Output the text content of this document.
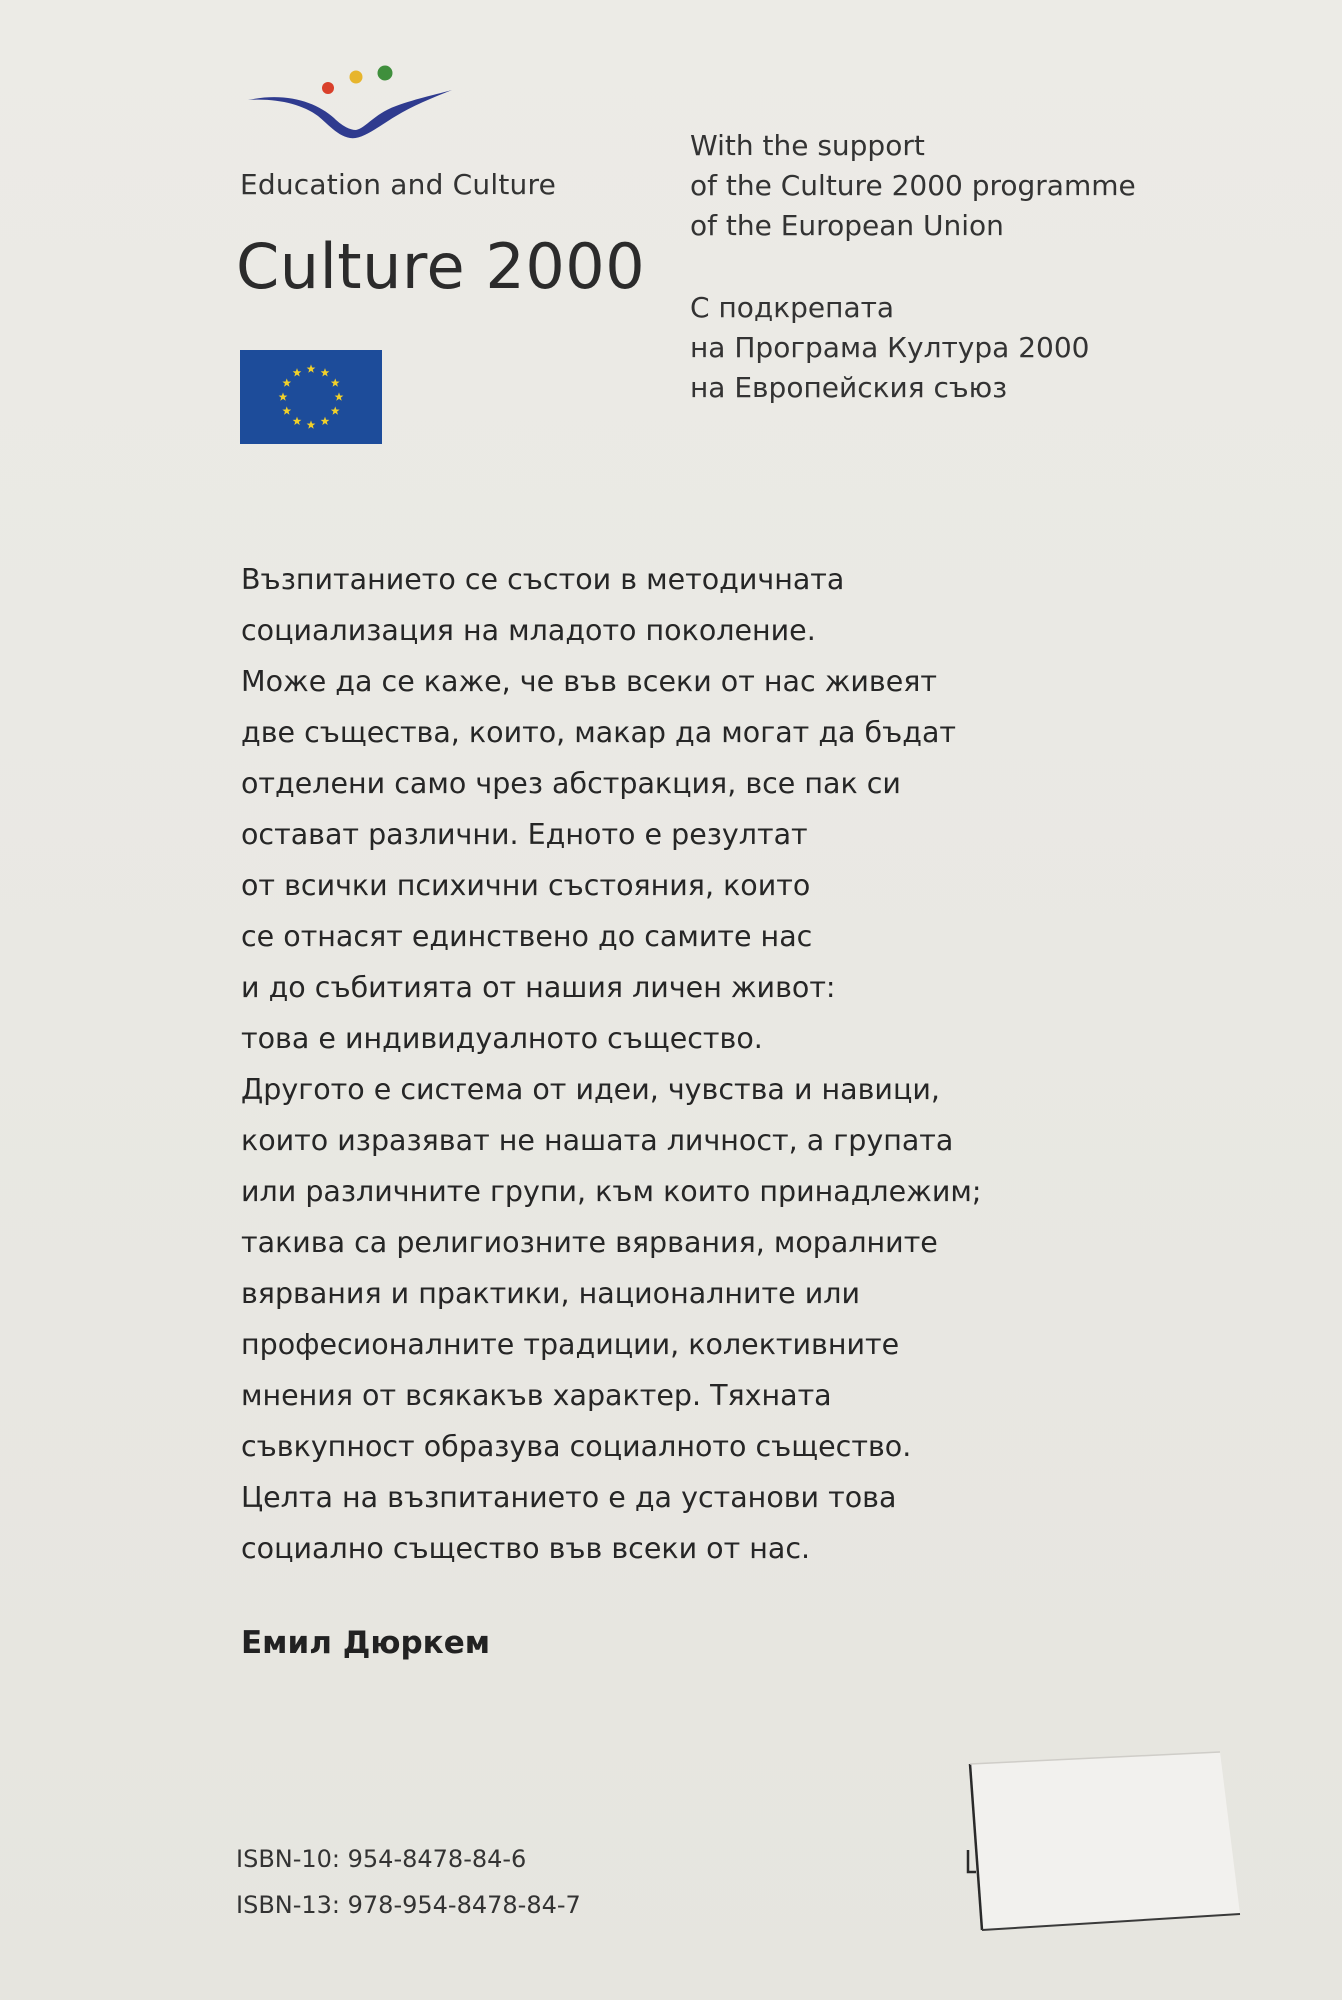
Education and Culture
Culture 2000
With the support
of the Culture 2000 programme
of the European Union
С подкрепата
на Програма Култура 2000
на Европейския съюз
Възпитанието се състои в методичната
социализация на младото поколение.
Може да се каже, че във всеки от нас живеят
две същества, които, макар да могат да бъдат
отделени само чрез абстракция, все пак си
остават различни. Едното е резултат
от всички психични състояния, които
се отнасят единствено до самите нас
и до събитията от нашия личен живот:
това е индивидуалното същество.
Другото е система от идеи, чувства и навици,
които изразяват не нашата личност, а групата
или различните групи, към които принадлежим;
такива са религиозните вярвания, моралните
вярвания и практики, националните или
професионалните традиции, колективните
мнения от всякакъв характер. Тяхната
съвкупност образува социалното същество.
Целта на възпитанието е да установи това
социално същество във всеки от нас.
Емил Дюркем
ISBN-10: 954-8478-84-6
ISBN-13: 978-954-8478-84-7
